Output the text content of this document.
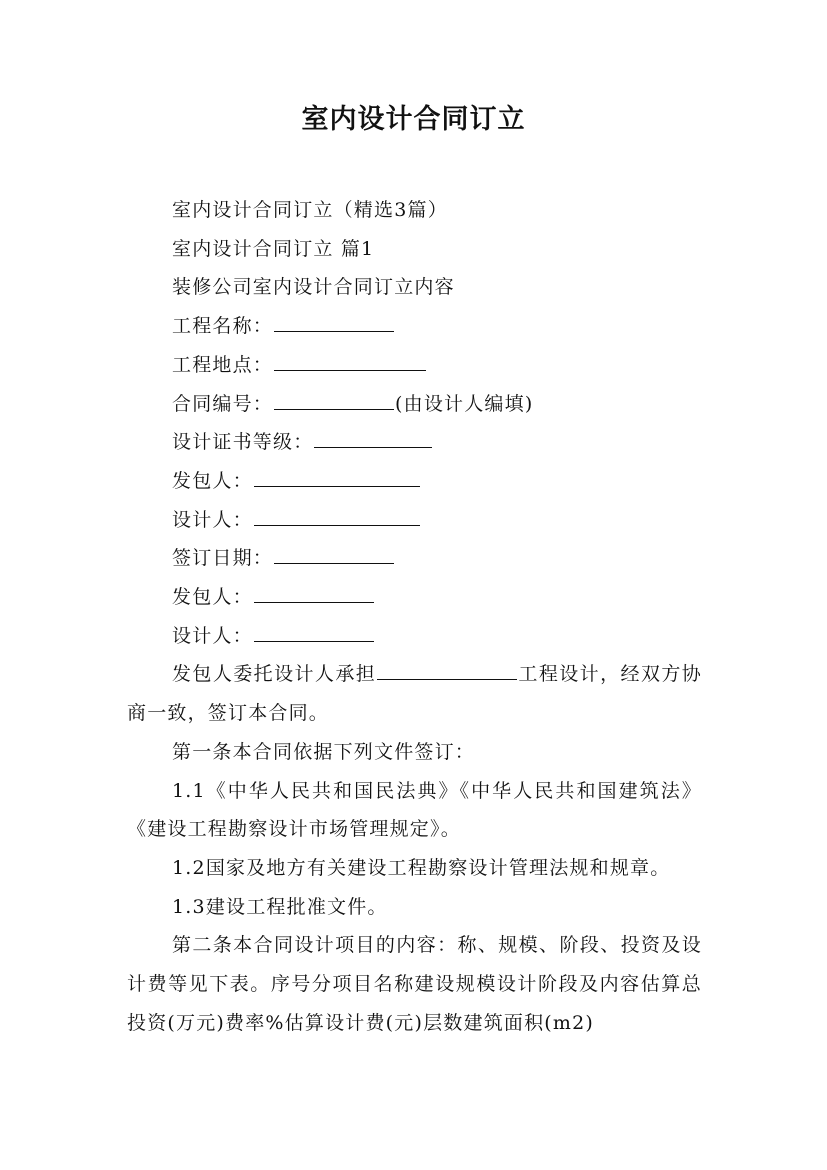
室内设计合同订立

室内设计合同订立（精选3篇）

室内设计合同订立 篇1

装修公司室内设计合同订立内容

工程名称：

工程地点：

合同编号：	(由设计人编填)

设计证书等级：

发包人：

设计人：

签订日期：

发包人：

设计人：

发包人委托设计人承担	工程设计，经双方协商一致，签订本合同。

第一条本合同依据下列文件签订：

1.1《中华人民共和国民法典》《中华人民共和国建筑法》《建设工程勘察设计市场管理规定》。

1.2国家及地方有关建设工程勘察设计管理法规和规章。

1.3建设工程批准文件。

第二条本合同设计项目的内容：称、规模、阶段、投资及设计费等见下表。序号分项目名称建设规模设计阶段及内容估算总投资(万元)费率%估算设计费(元)层数建筑面积(m2)
